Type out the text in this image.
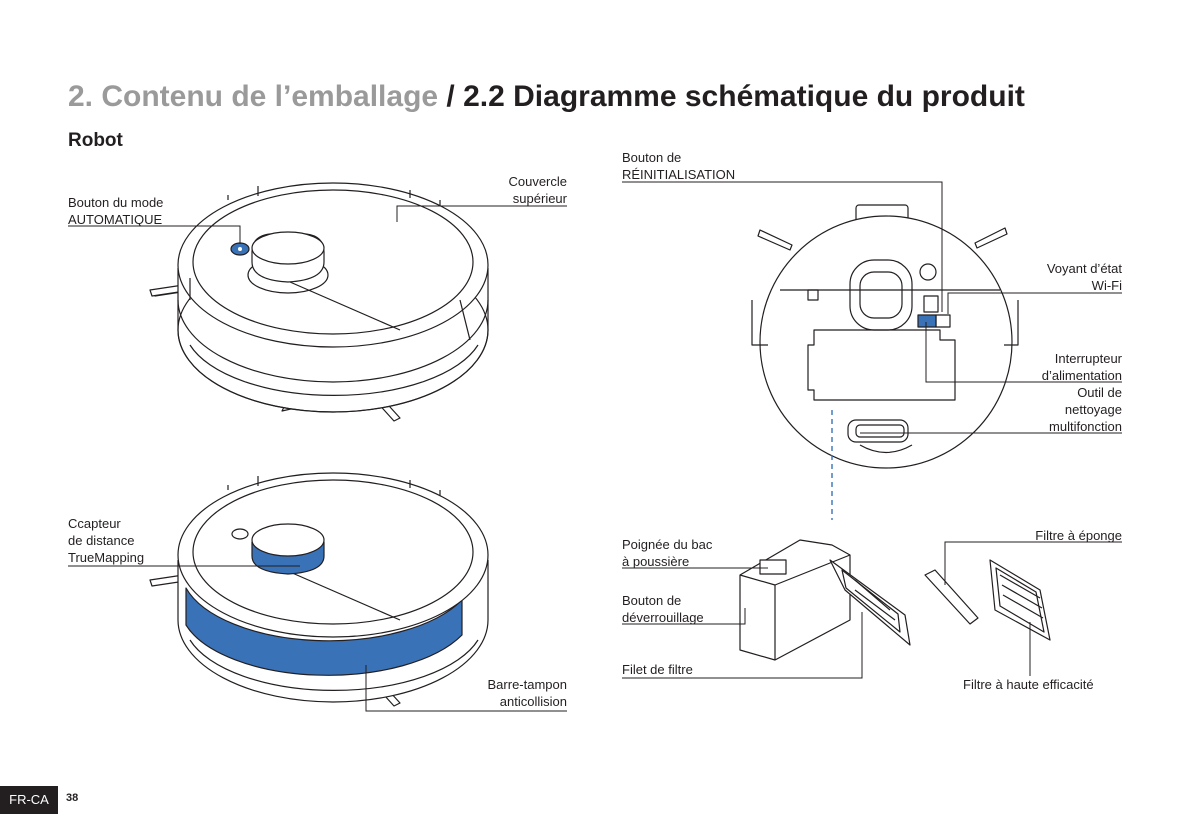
2. Contenu de l’emballage / 2.2 Diagramme schématique du produit
Robot
Bouton du mode
AUTOMATIQUE
Couvercle
supérieur
Ccapteur
de distance
TrueMapping
Barre-tampon
anticollision
Bouton de
RÉINITIALISATION
Voyant d’état
Wi-Fi
Interrupteur
d’alimentation
Outil de
nettoyage
multifonction
Poignée du bac
à poussière
Bouton de
déverrouillage
Filet de filtre
Filtre à éponge
Filtre à haute efficacité
FR-CA	38
